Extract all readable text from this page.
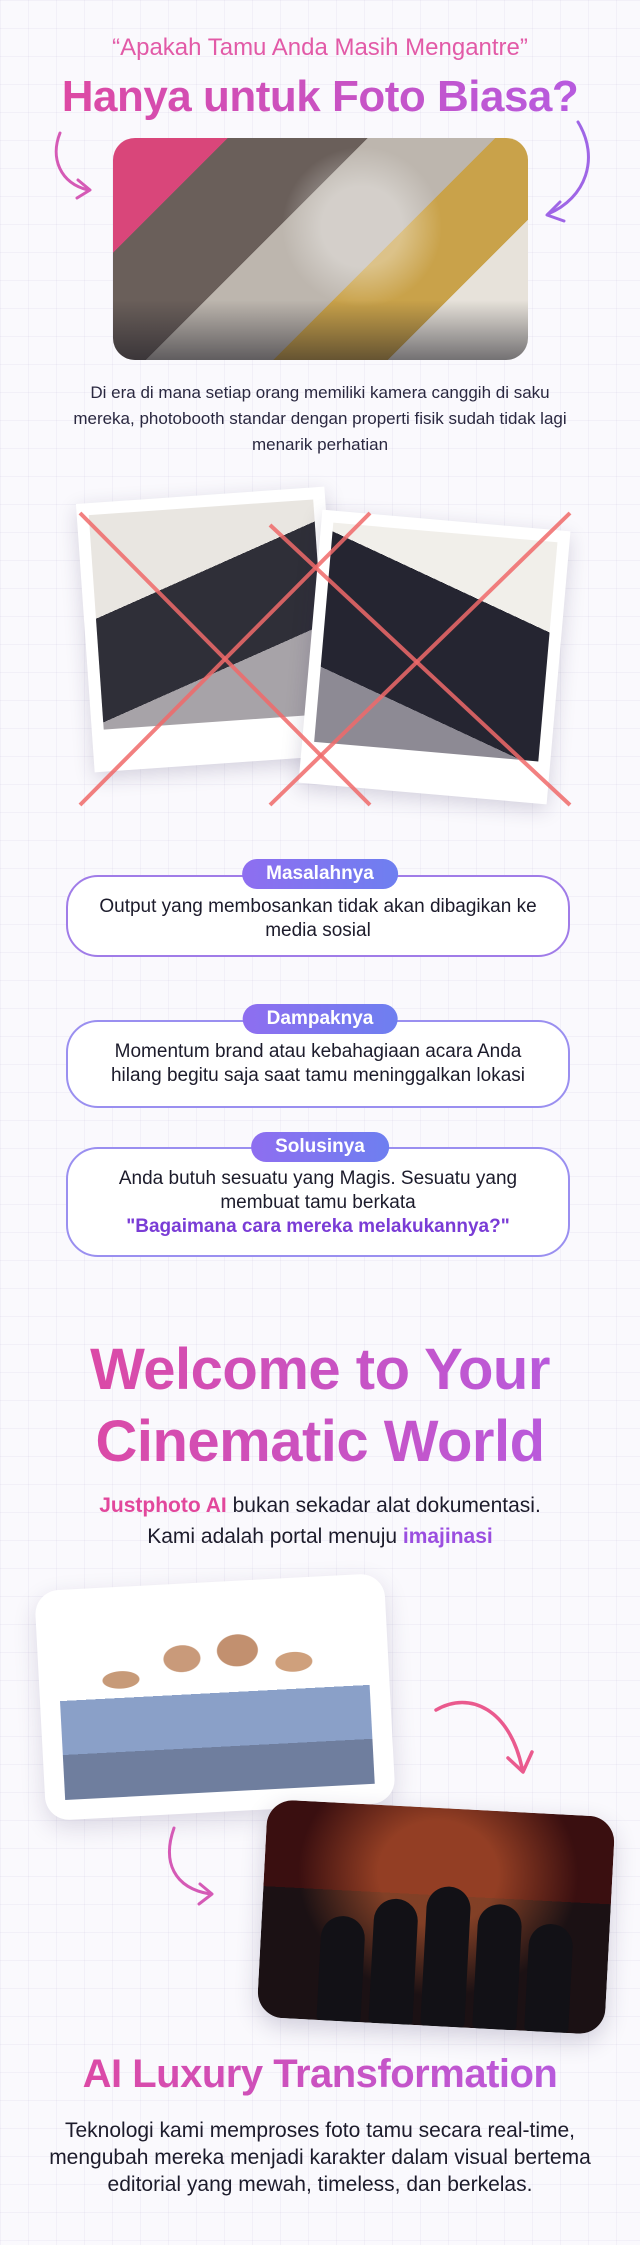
“Apakah Tamu Anda Masih Mengantre”
Hanya untuk Foto Biasa?
Di era di mana setiap orang memiliki kamera canggih di saku mereka, photobooth standar dengan properti fisik sudah tidak lagi menarik perhatian
Output yang membosankan tidak akan dibagikan ke media sosial
Masalahnya
Momentum brand atau kebahagiaan acara Anda hilang begitu saja saat tamu meninggalkan lokasi
Dampaknya
Anda butuh sesuatu yang Magis. Sesuatu yang membuat tamu berkata
"Bagaimana cara mereka melakukannya?"
Solusinya
Welcome to Your
Cinematic World
Justphoto AI bukan sekadar alat dokumentasi.
Kami adalah portal menuju imajinasi
AI Luxury Transformation
Teknologi kami memproses foto tamu secara real-time, mengubah mereka menjadi karakter dalam visual bertema editorial yang mewah, timeless, dan berkelas.
